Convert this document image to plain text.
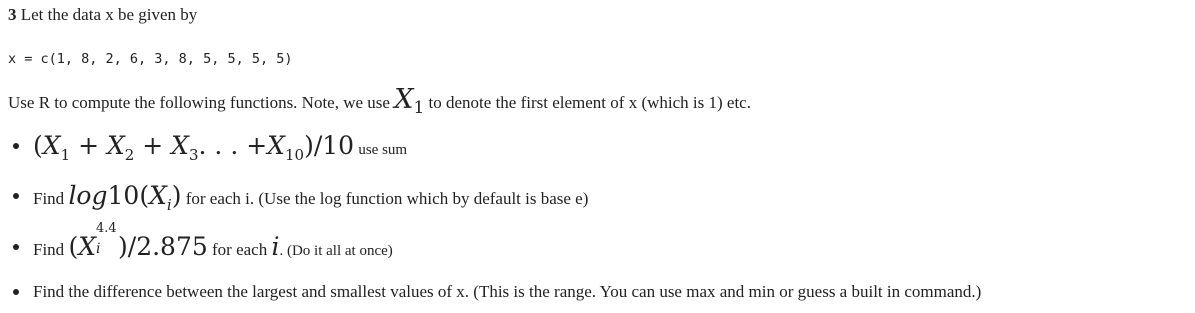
3 Let the data x be given by
x = c(1, 8, 2, 6, 3, 8, 5, 5, 5, 5)
Use R to compute the following functions. Note, we use X1 to denote the first element of x (which is 1) etc.
(X1 + X2 + X3. . . +X10)/10 use sum
Find log10(Xi) for each i. (Use the log function which by default is base e)
Find (X
4.4
i )/2.875 for each i. (Do it all at once)
Find the difference between the largest and smallest values of x. (This is the range. You can use max and min or guess a built in command.)
